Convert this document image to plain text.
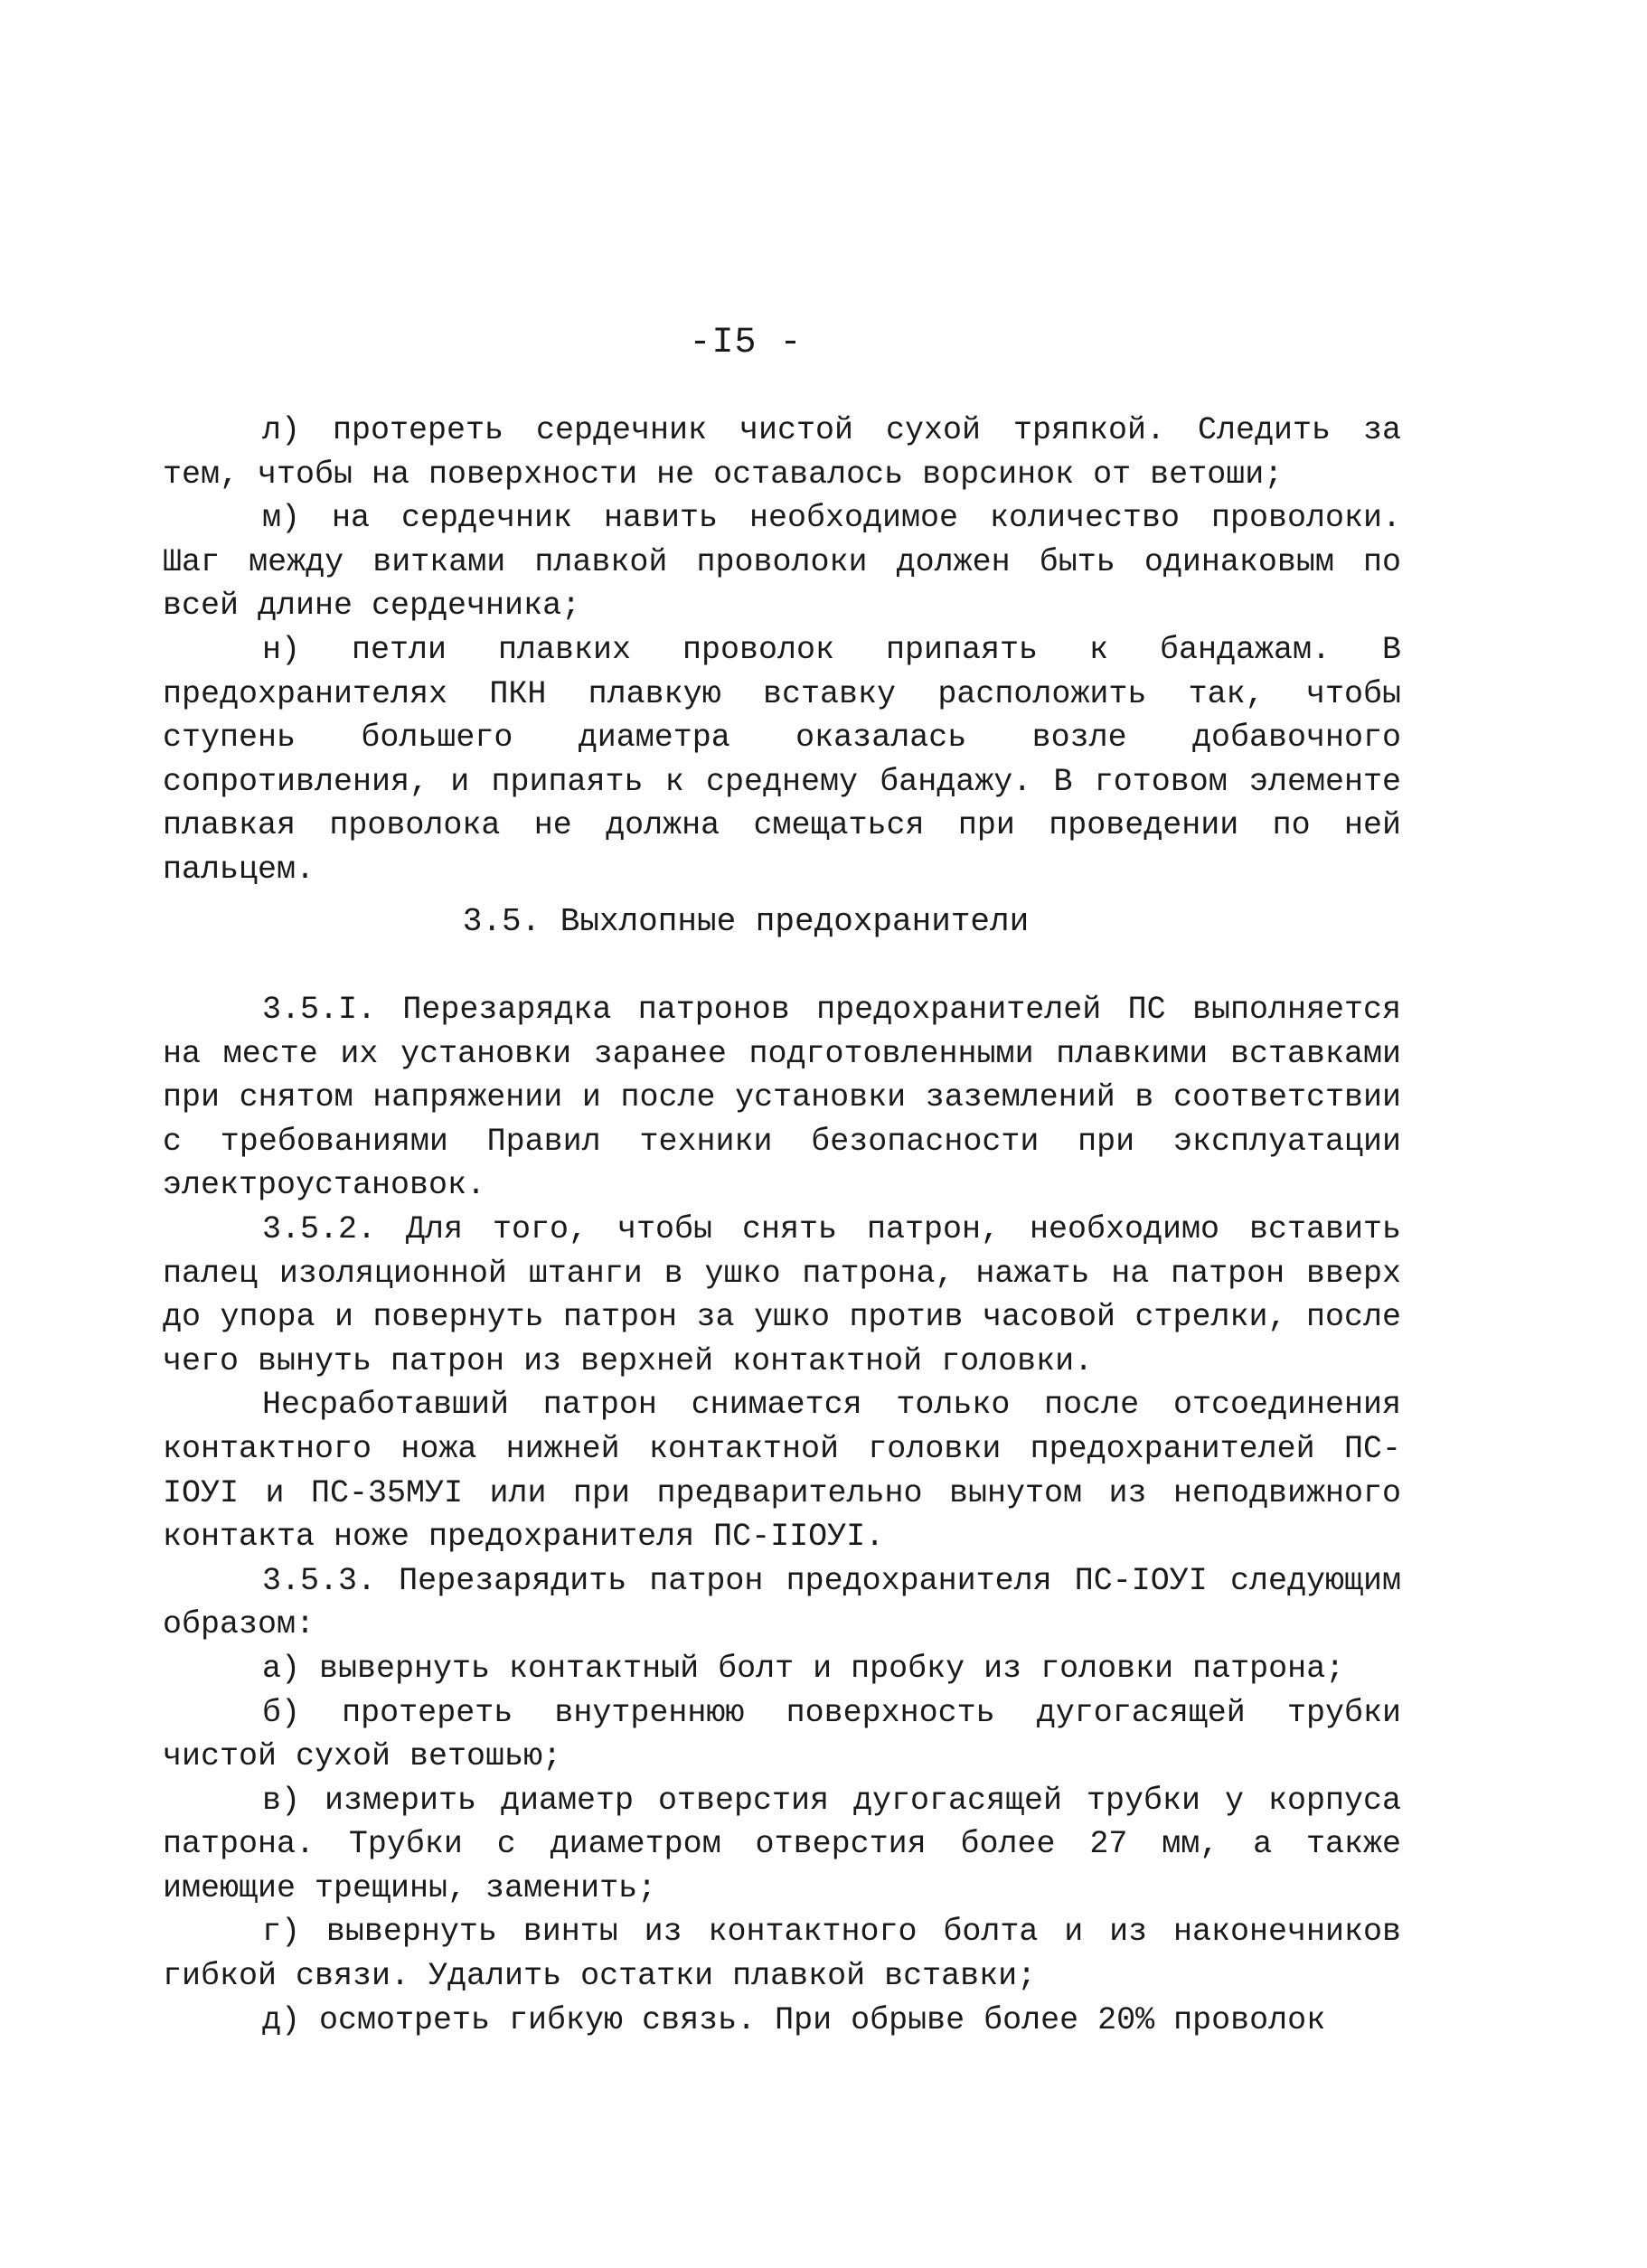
-I5 -

л) протереть сердечник чистой сухой тряпкой. Следить за тем, чтобы на поверхности не оставалось ворсинок от ветоши;

м) на сердечник навить необходимое количество проволоки. Шаг между витками плавкой проволоки должен быть одинаковым по всей длине сердечника;

н) петли плавких проволок припаять к бандажам. В предохранителях ПКН плавкую вставку расположить так, чтобы ступень большего диаметра оказалась возле добавочного сопротивления, и припаять к среднему бандажу. В готовом элементе плавкая проволока не должна смещаться при проведении по ней пальцем.

3.5. Выхлопные предохранители

3.5.I. Перезарядка патронов предохранителей ПС выполняется на месте их установки заранее подготовленными плавкими вставками при снятом напряжении и после установки заземлений в соответствии с требованиями Правил техники безопасности при эксплуатации электроустановок.

3.5.2. Для того, чтобы снять патрон, необходимо вставить палец изоляционной штанги в ушко патрона, нажать на патрон вверх до упора и повернуть патрон за ушко против часовой стрелки, после чего вынуть патрон из верхней контактной головки.

Несработавший патрон снимается только после отсоединения контактного ножа нижней контактной головки предохранителей ПС-IОУI и ПС-35МУI или при предварительно вынутом из неподвижного контакта ноже предохранителя ПС-IIОУI.

3.5.3. Перезарядить патрон предохранителя ПС-IОУI следующим образом:

а) вывернуть контактный болт и пробку из головки патрона;

б) протереть внутреннюю поверхность дугогасящей трубки чистой сухой ветошью;

в) измерить диаметр отверстия дугогасящей трубки у корпуса патрона. Трубки с диаметром отверстия более 27 мм, а также имеющие трещины, заменить;

г) вывернуть винты из контактного болта и из наконечников гибкой связи. Удалить остатки плавкой вставки;

д) осмотреть гибкую связь. При обрыве более 20% проволок
